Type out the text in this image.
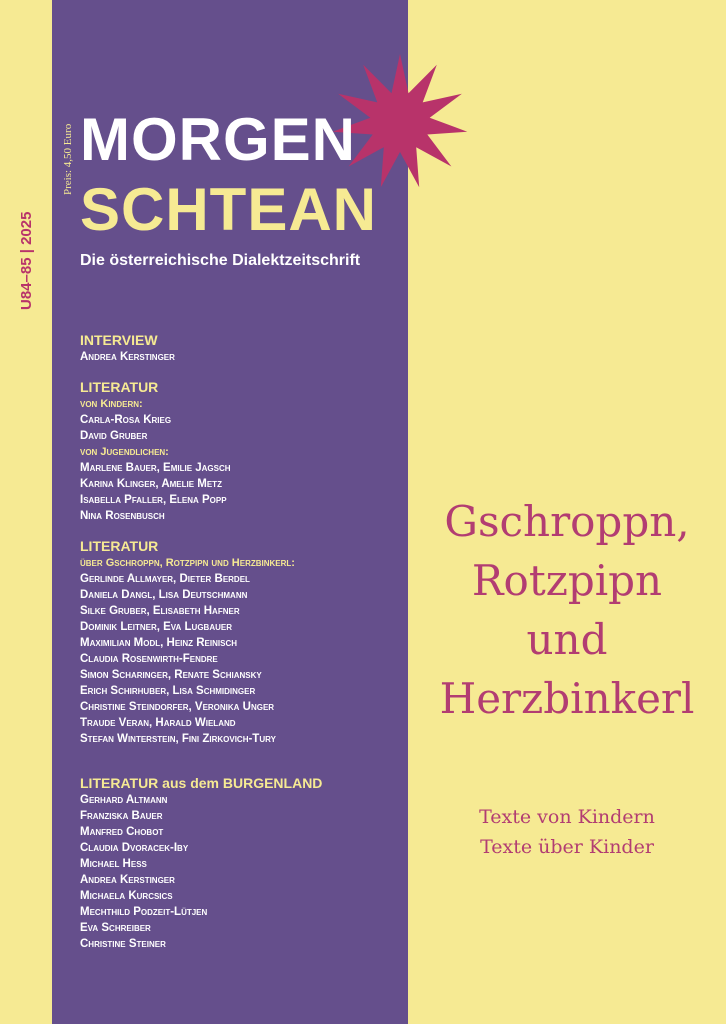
U84–85 | 2025
Preis: 4,50 Euro MORGEN
SCHTEAN
Die österreichische Dialektzeitschrift
INTERVIEW
Andrea Kerstinger
LITERATUR
von Kindern:
Carla-Rosa Krieg
David Gruber
von Jugendlichen:
Marlene Bauer, Emilie Jagsch
Karina Klinger, Amelie Metz
Isabella Pfaller, Elena Popp
Nina Rosenbusch
LITERATUR
über Gschroppn, Rotzpipn und Herzbinkerl:
Gerlinde Allmayer, Dieter Berdel
Daniela Dangl, Lisa Deutschmann
Silke Gruber, Elisabeth Hafner
Dominik Leitner, Eva Lugbauer
Maximilian Modl, Heinz Reinisch
Claudia Rosenwirth-Fendre
Simon Scharinger, Renate Schiansky
Erich Schirhuber, Lisa Schmidinger
Christine Steindorfer, Veronika Unger
Traude Veran, Harald Wieland
Stefan Winterstein, Fini Zirkovich-Tury
LITERATUR aus dem BURGENLAND
Gerhard Altmann
Franziska Bauer
Manfred Chobot
Claudia Dvoracek-Iby
Michael Hess
Andrea Kerstinger
Michaela Kurcsics
Mechthild Podzeit-Lütjen
Eva Schreiber
Christine Steiner
Gschroppn,
Rotzpipn
und
Herzbinkerl
Texte von Kindern
Texte über Kinder
